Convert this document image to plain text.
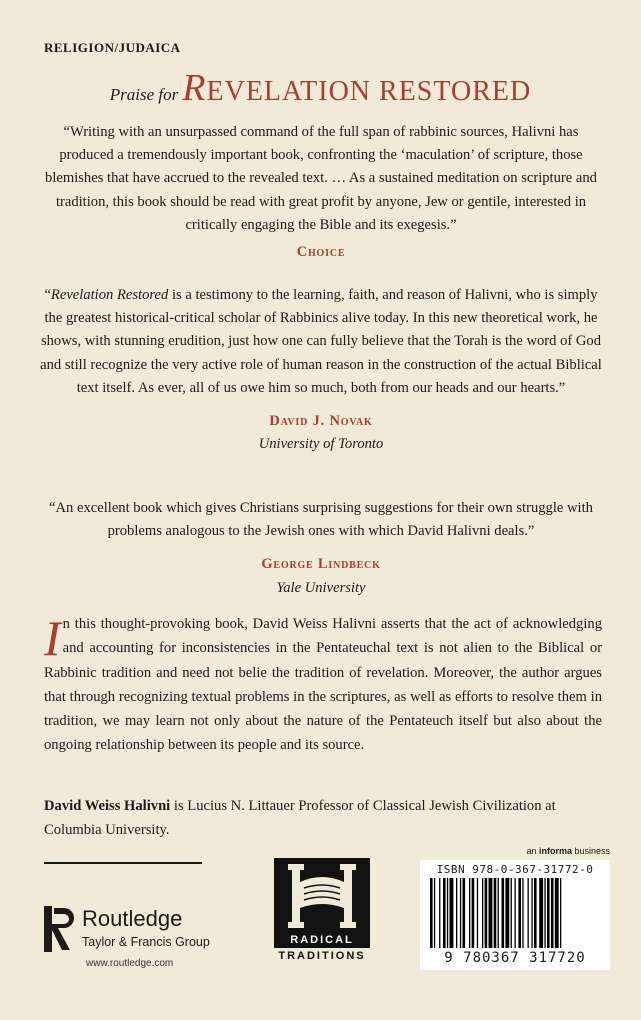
RELIGION/JUDAICA
Praise for REVELATION RESTORED

“Writing with an unsurpassed command of the full span of rabbinic sources, Halivni has produced a tremendously important book, confronting the ‘maculation’ of scripture, those blemishes that have accrued to the revealed text. … As a sustained meditation on scripture and tradition, this book should be read with great profit by anyone, Jew or gentile, interested in critically engaging the Bible and its exegesis.”

Choice

“Revelation Restored is a testimony to the learning, faith, and reason of Halivni, who is simply the greatest historical-critical scholar of Rabbinics alive today. In this new theoretical work, he shows, with stunning erudition, just how one can fully believe that the Torah is the word of God and still recognize the very active role of human reason in the construction of the actual Biblical text itself. As ever, all of us owe him so much, both from our heads and our hearts.”

David J. Novak
University of Toronto

“An excellent book which gives Christians surprising suggestions for their own struggle with problems analogous to the Jewish ones with which David Halivni deals.”

George Lindbeck
Yale University

In this thought-provoking book, David Weiss Halivni asserts that the act of acknowledging and accounting for inconsistencies in the Pentateuchal text is not alien to the Biblical or Rabbinic tradition and need not belie the tradition of revelation. Moreover, the author argues that through recognizing textual problems in the scriptures, as well as efforts to resolve them in tradition, we may learn not only about the nature of the Pentateuch itself but also about the ongoing relationship between its people and its source.

David Weiss Halivni is Lucius N. Littauer Professor of Classical Jewish Civilization at Columbia University.
Routledge
Taylor & Francis Group
www.routledge.com
RADICAL
TRADITIONS
an informa business
ISBN 978-0-367-31772-0
9 780367 317720
